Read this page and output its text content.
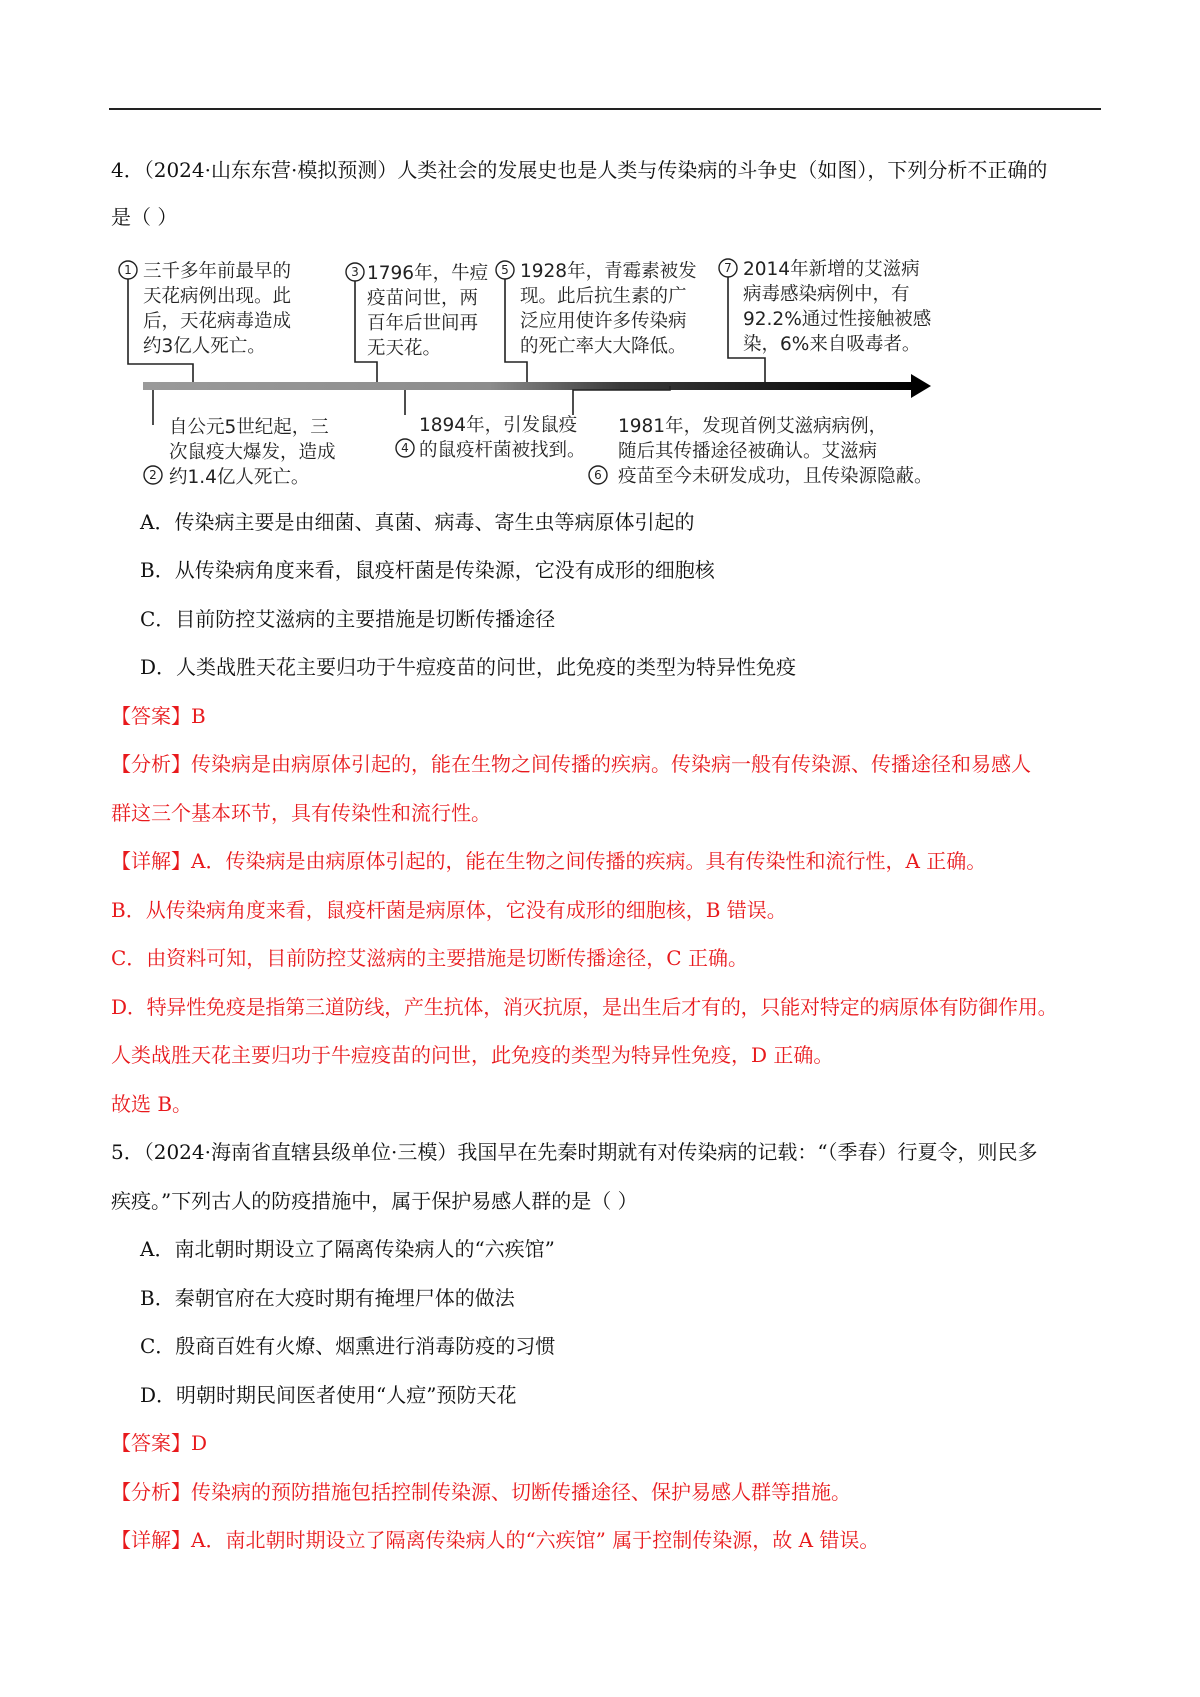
4．（2024·山东东营·模拟预测）人类社会的发展史也是人类与传染病的斗争史（如图），下列分析不正确的
是（ ）
1 三千多年前最早的
天花病例出现。此
后，天花病毒造成
约3亿人死亡。
2
自公元5世纪起，三
次鼠疫大爆发，造成
约1.4亿人死亡。
3 1796年，牛痘
疫苗问世，两
百年后世间再
无天花。
4
1894年，引发鼠疫
的鼠疫杆菌被找到。
5 1928年，青霉素被发
现。此后抗生素的广
泛应用使许多传染病
的死亡率大大降低。
6
1981年，发现首例艾滋病病例，
随后其传播途径被确认。艾滋病
疫苗至今未研发成功，且传染源隐蔽。
7 2014年新增的艾滋病
病毒感染病例中，有
92.2%通过性接触被感
染，6%来自吸毒者。
A．传染病主要是由细菌、真菌、病毒、寄生虫等病原体引起的
B．从传染病角度来看，鼠疫杆菌是传染源，它没有成形的细胞核
C．目前防控艾滋病的主要措施是切断传播途径
D．人类战胜天花主要归功于牛痘疫苗的问世，此免疫的类型为特异性免疫
【答案】B
【分析】传染病是由病原体引起的，能在生物之间传播的疾病。传染病一般有传染源、传播途径和易感人
群这三个基本环节，具有传染性和流行性。
【详解】A．传染病是由病原体引起的，能在生物之间传播的疾病。具有传染性和流行性，A 正确。
B．从传染病角度来看，鼠疫杆菌是病原体，它没有成形的细胞核，B 错误。
C．由资料可知，目前防控艾滋病的主要措施是切断传播途径，C 正确。
D．特异性免疫是指第三道防线，产生抗体，消灭抗原，是出生后才有的，只能对特定的病原体有防御作用。
人类战胜天花主要归功于牛痘疫苗的问世，此免疫的类型为特异性免疫，D 正确。
故选 B。
5．（2024·海南省直辖县级单位·三模）我国早在先秦时期就有对传染病的记载：“（季春）行夏令，则民多
疾疫。”下列古人的防疫措施中，属于保护易感人群的是（ ）
A．南北朝时期设立了隔离传染病人的“六疾馆”
B．秦朝官府在大疫时期有掩埋尸体的做法
C．殷商百姓有火燎、烟熏进行消毒防疫的习惯
D．明朝时期民间医者使用“人痘”预防天花
【答案】D
【分析】传染病的预防措施包括控制传染源、切断传播途径、保护易感人群等措施。
【详解】A．南北朝时期设立了隔离传染病人的“六疾馆” 属于控制传染源，故 A 错误。
